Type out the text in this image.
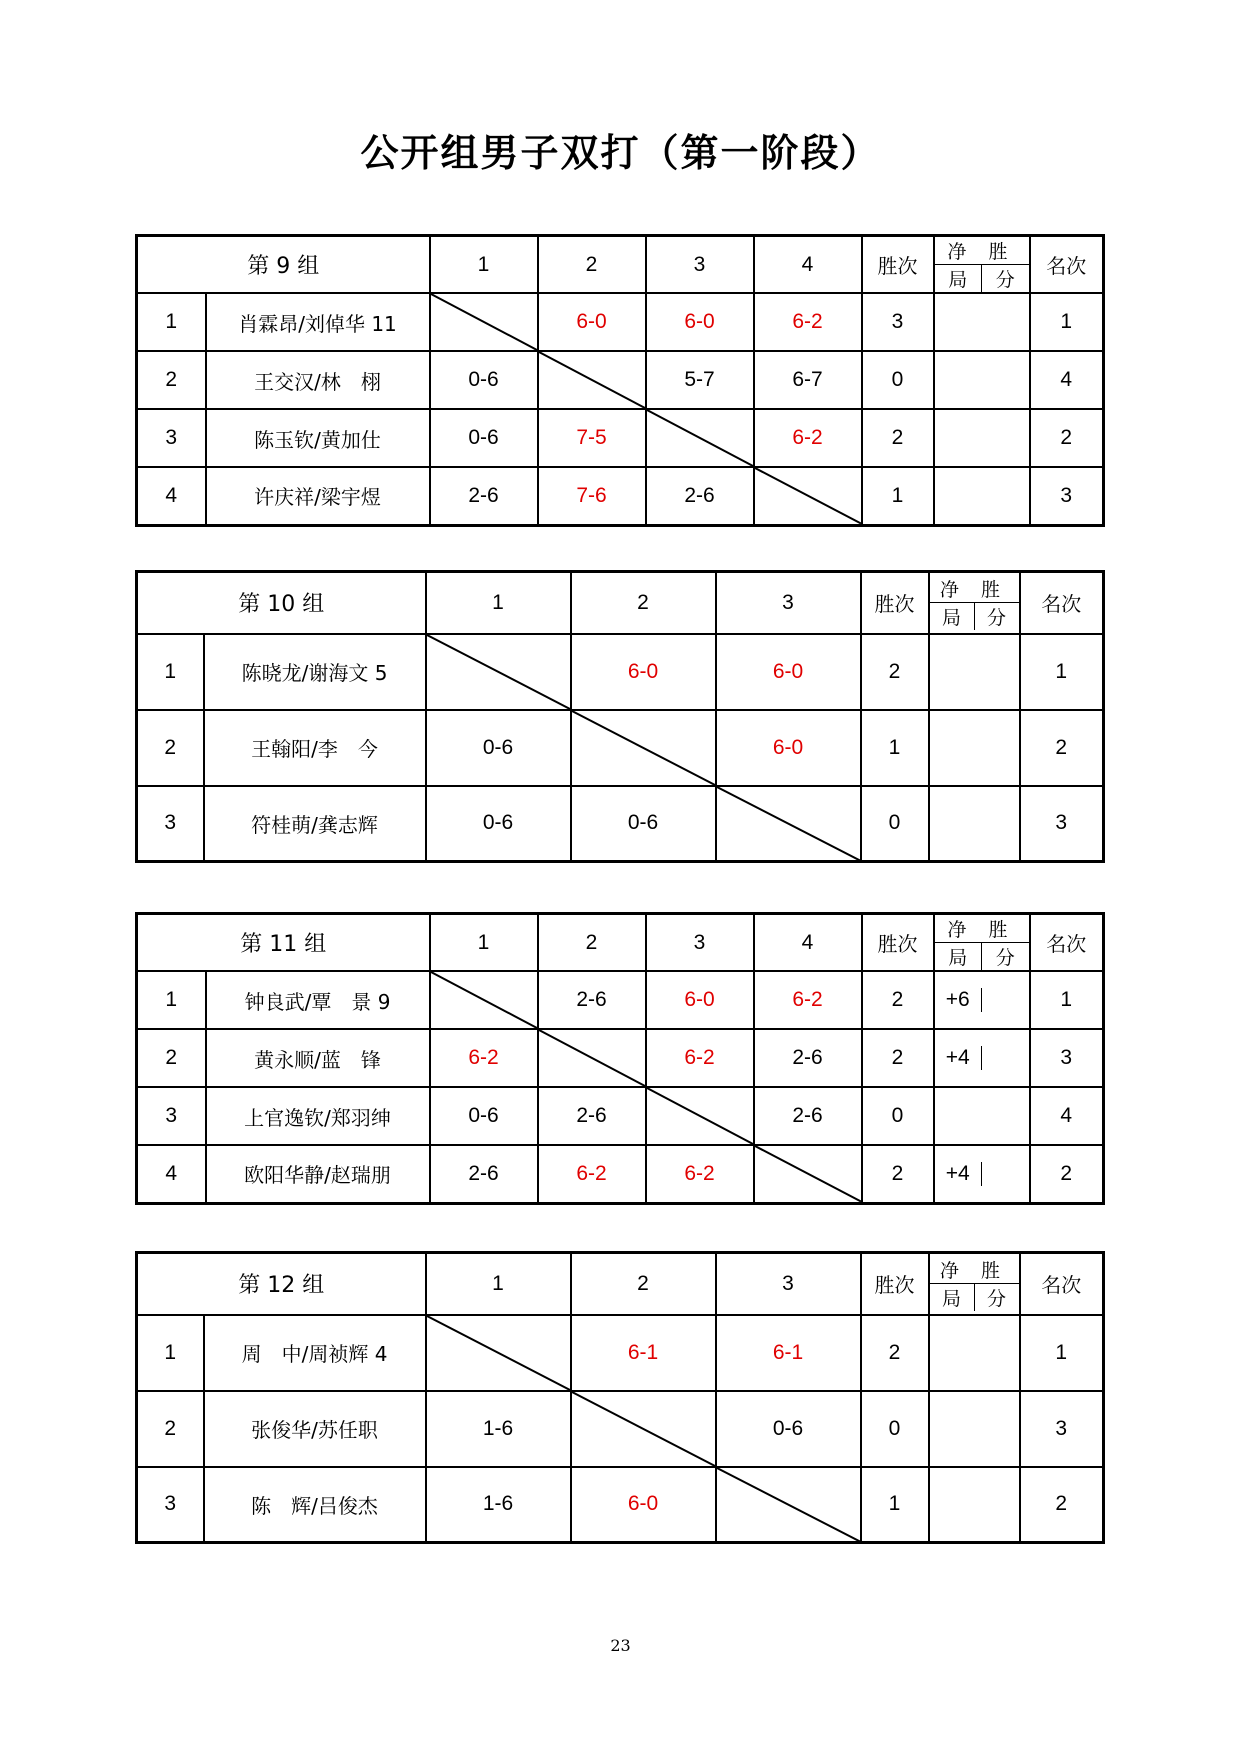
公开组男子双打（第一阶段）
第 9 组		1	2	3	4	胜次	净 胜
局 分	名次
1	肖霖昂/刘倬华 11		6-0	6-0	6-2	3		1
2	王交汉/林　栩	0-6		5-7	6-7	0		4
3	陈玉钦/黄加仕	0-6	7-5		6-2	2		2
4	许庆祥/梁宇煜	2-6	7-6	2-6		1		3
第 10 组		1	2	3	胜次	净 胜
局 分	名次
1	陈晓龙/谢海文 5		6-0	6-0	2		1
2	王翰阳/李　今	0-6		6-0	1		2
3	符桂萌/龚志辉	0-6	0-6		0		3
第 11 组		1	2	3	4	胜次	净 胜
局 分	名次
1	钟良武/覃　景 9		2-6	6-0	6-2	2	+6	1
2	黄永顺/蓝　锋	6-2		6-2	2-6	2	+4	3
3	上官逸钦/郑羽绅	0-6	2-6		2-6	0		4
4	欧阳华静/赵瑞朋	2-6	6-2	6-2		2	+4	2
第 12 组		1	2	3	胜次	净 胜
局 分	名次
1	周　中/周祯辉 4		6-1	6-1	2		1
2	张俊华/苏任职	1-6		0-6	0		3
3	陈　辉/吕俊杰	1-6	6-0		1		2
23
